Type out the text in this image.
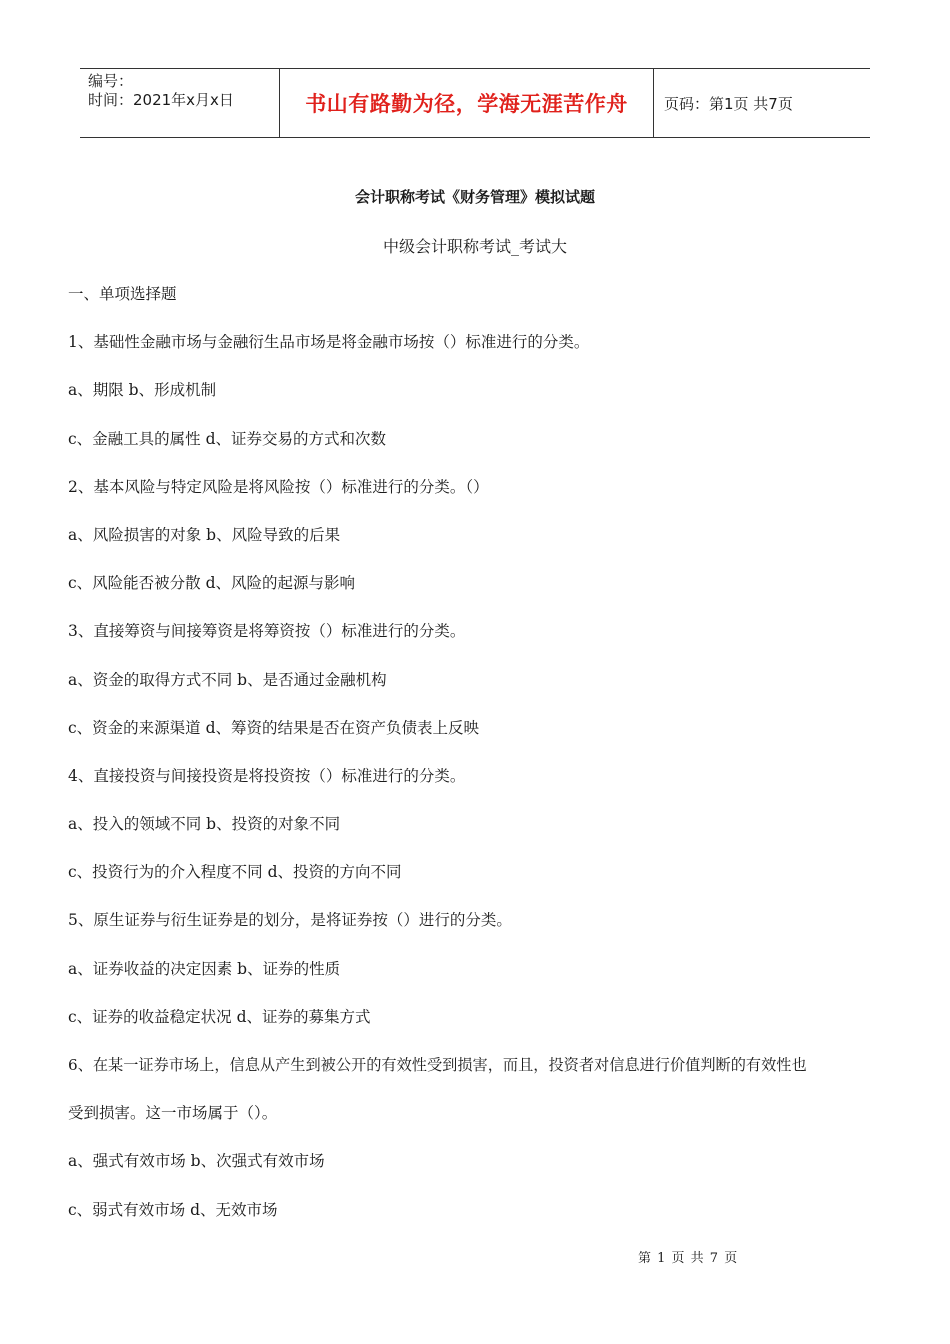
编号：
时间：2021年x月x日	书山有路勤为径，学海无涯苦作舟	页码：第1页 共7页
会计职称考试《财务管理》模拟试题
中级会计职称考试_考试大
一、单项选择题
1、基础性金融市场与金融衍生品市场是将金融市场按（）标准进行的分类。
a、期限 b、形成机制
c、金融工具的属性 d、证券交易的方式和次数
2、基本风险与特定风险是将风险按（）标准进行的分类。（）
a、风险损害的对象 b、风险导致的后果
c、风险能否被分散 d、风险的起源与影响
3、直接筹资与间接筹资是将筹资按（）标准进行的分类。
a、资金的取得方式不同 b、是否通过金融机构
c、资金的来源渠道 d、筹资的结果是否在资产负债表上反映
4、直接投资与间接投资是将投资按（）标准进行的分类。
a、投入的领域不同 b、投资的对象不同
c、投资行为的介入程度不同 d、投资的方向不同
5、原生证券与衍生证券是的划分，是将证券按（）进行的分类。
a、证券收益的决定因素 b、证券的性质
c、证券的收益稳定状况 d、证券的募集方式
6、在某一证券市场上，信息从产生到被公开的有效性受到损害，而且，投资者对信息进行价值判断的有效性也
受到损害。这一市场属于（）。
a、强式有效市场 b、次强式有效市场
c、弱式有效市场 d、无效市场
第 1 页 共 7 页
